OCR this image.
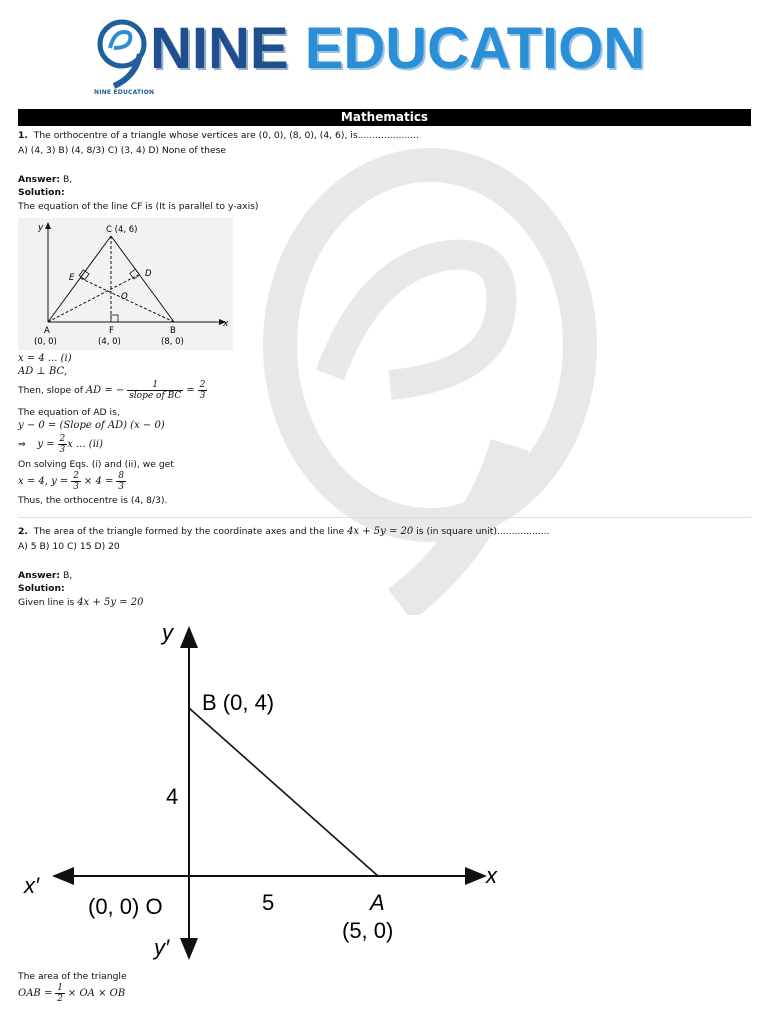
NINE EDUCATION
NINE EDUCATION
Mathematics
1. The orthocentre of a triangle whose vertices are (0, 0), (8, 0), (4, 6), is.....................
A) (4, 3) B) (4, 8/3) C) (3, 4) D) None of these
Answer: B,
Solution:
The equation of the line CF is (It is parallel to y-axis)
y
x
C (4, 6)
E	D
O
A	F	B
(0, 0)	(4, 0)	(8, 0)
x = 4 ... (i)
AD ⊥ BC,
Then, slope of AD = − $\frac{1}{\text{slope of BC}} = \frac{2}{3}$
The equation of AD is,
y − 0 = (Slope of AD) (x − 0)
⇒ $y = \frac{2}{3}$ x ... (ii)
On solving Eqs. (i) and (ii), we get
x = 4, $y = \frac{2}{3} \times 4 = \frac{8}{3}$
Thus, the orthocentre is (4, 8/3).
2. The area of the triangle formed by the coordinate axes and the line 4x + 5y = 20 is (in square unit)..................
A) 5 B) 10 C) 15 D) 20
Answer: B,
Solution:
Given line is 4x + 5y = 20
y
x
x′
y′
B (0, 4)
4
(0, 0) O	5	A
(5, 0)
The area of the triangle
OAB = $\frac{1}{2}$ × OA × OB
